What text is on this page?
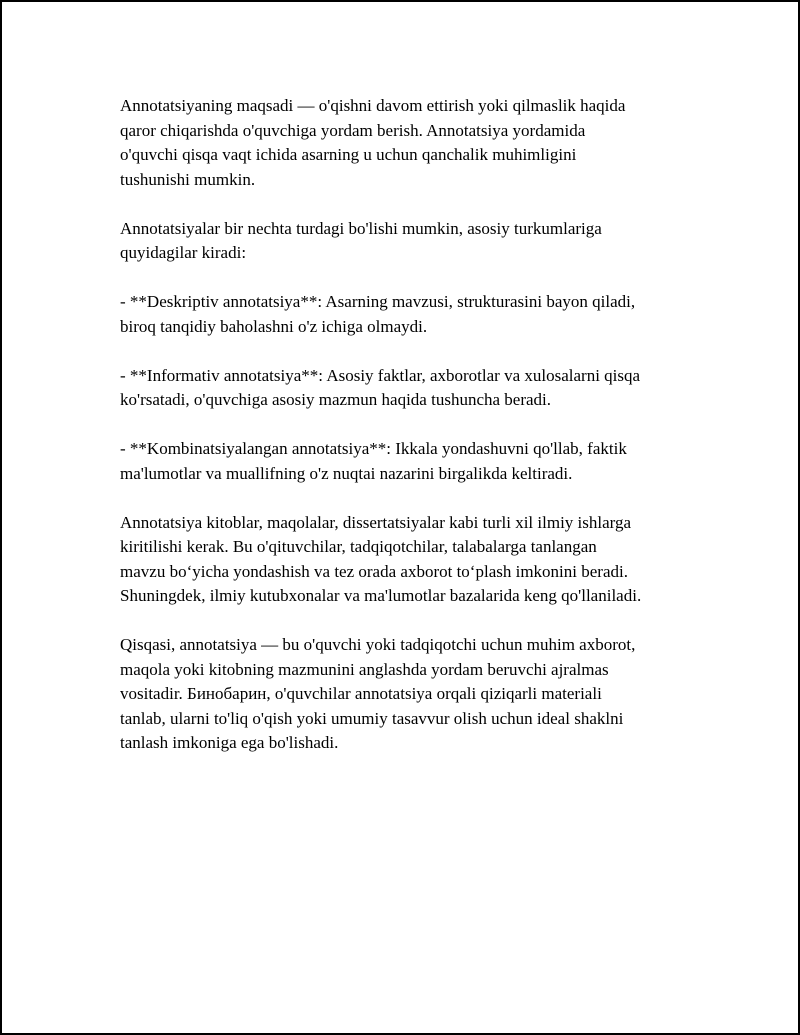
Annotatsiyaning maqsadi — o'qishni davom ettirish yoki qilmaslik haqida
qaror chiqarishda o'quvchiga yordam berish. Annotatsiya yordamida
o'quvchi qisqa vaqt ichida asarning u uchun qanchalik muhimligini
tushunishi mumkin.

Annotatsiyalar bir nechta turdagi bo'lishi mumkin, asosiy turkumlariga
quyidagilar kiradi:

- **Deskriptiv annotatsiya**: Asarning mavzusi, strukturasini bayon qiladi,
biroq tanqidiy baholashni o'z ichiga olmaydi.

- **Informativ annotatsiya**: Asosiy faktlar, axborotlar va xulosalarni qisqa
ko'rsatadi, o'quvchiga asosiy mazmun haqida tushuncha beradi.

- **Kombinatsiyalangan annotatsiya**: Ikkala yondashuvni qo'llab, faktik
ma'lumotlar va muallifning o'z nuqtai nazarini birgalikda keltiradi.

Annotatsiya kitoblar, maqolalar, dissertatsiyalar kabi turli xil ilmiy ishlarga
kiritilishi kerak. Bu o'qituvchilar, tadqiqotchilar, talabalarga tanlangan
mavzu bo‘yicha yondashish va tez orada axborot to‘plash imkonini beradi.
Shuningdek, ilmiy kutubxonalar va ma'lumotlar bazalarida keng qo'llaniladi.

Qisqasi, annotatsiya — bu o'quvchi yoki tadqiqotchi uchun muhim axborot,
maqola yoki kitobning mazmunini anglashda yordam beruvchi ajralmas
vositadir. Бинобарин, o'quvchilar annotatsiya orqali qiziqarli materiali
tanlab, ularni to'liq o'qish yoki umumiy tasavvur olish uchun ideal shaklni
tanlash imkoniga ega bo'lishadi.
